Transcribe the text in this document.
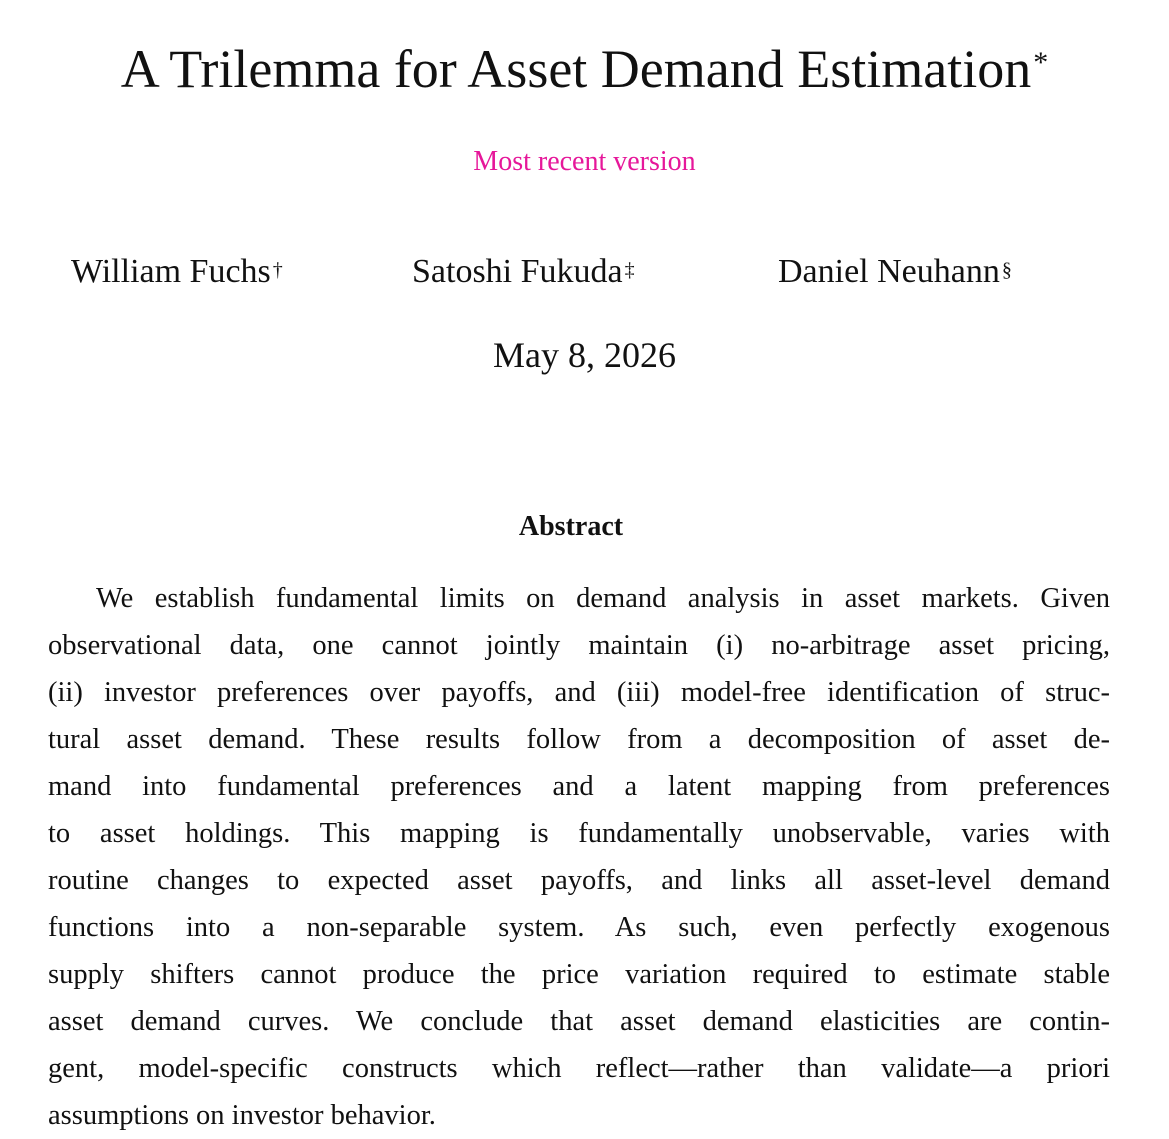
A Trilemma for Asset Demand Estimation*
Most recent version
William Fuchs †	Satoshi Fukuda ‡	Daniel Neuhann §
May 8, 2026
Abstract
We establish fundamental limits on demand analysis in asset markets. Given
observational data, one cannot jointly maintain (i) no-arbitrage asset pricing,
(ii) investor preferences over payoffs, and (iii) model-free identification of struc-
tural asset demand. These results follow from a decomposition of asset de-
mand into fundamental preferences and a latent mapping from preferences
to asset holdings. This mapping is fundamentally unobservable, varies with
routine changes to expected asset payoffs, and links all asset-level demand
functions into a non-separable system. As such, even perfectly exogenous
supply shifters cannot produce the price variation required to estimate stable
asset demand curves. We conclude that asset demand elasticities are contin-
gent, model-specific constructs which reflect—rather than validate—a priori
assumptions on investor behavior.
